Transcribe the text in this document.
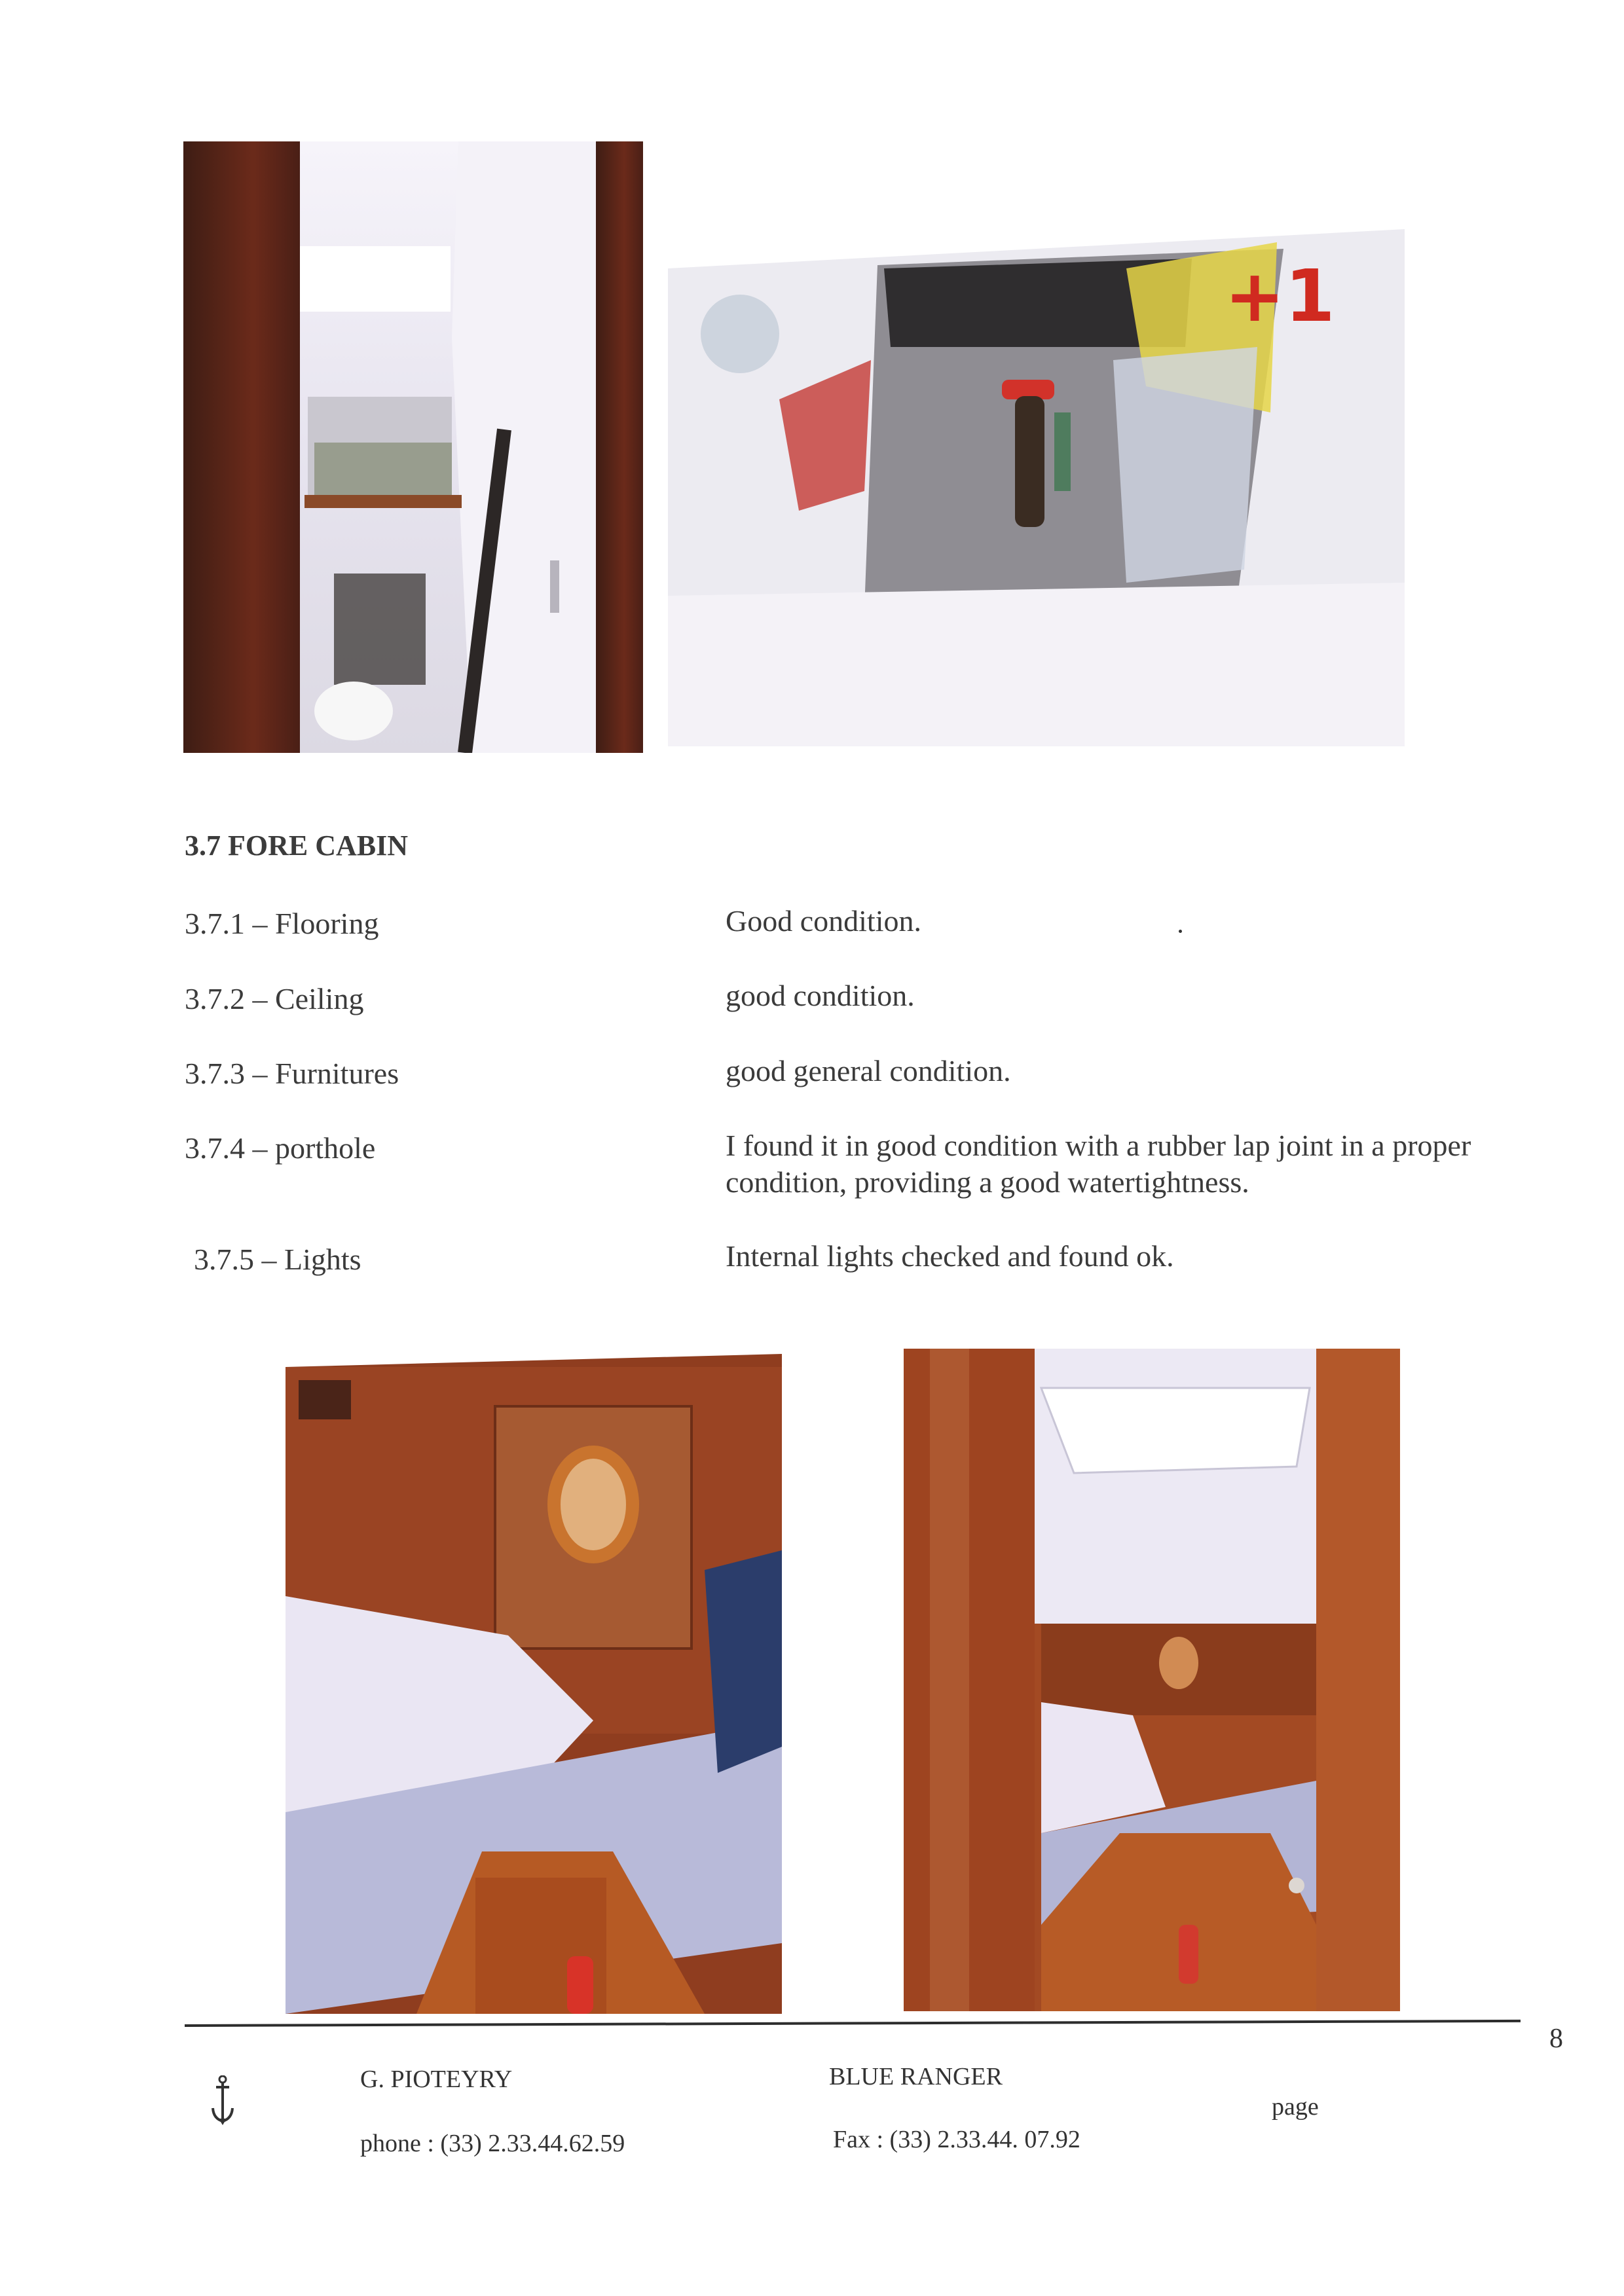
+1
3.7 FORE CABIN
3.7.1 – Flooring	Good condition.
3.7.2 – Ceiling	good condition.
3.7.3 – Furnitures	good general condition.
3.7.4 – porthole	I found it in good condition with a rubber lap joint in a proper
condition, providing a good watertightness.
3.7.5 – Lights	Internal lights checked and found ok.
8
G. PIOTEYRY
phone : (33) 2.33.44.62.59
BLUE RANGER
Fax : (33) 2.33.44. 07.92
page
